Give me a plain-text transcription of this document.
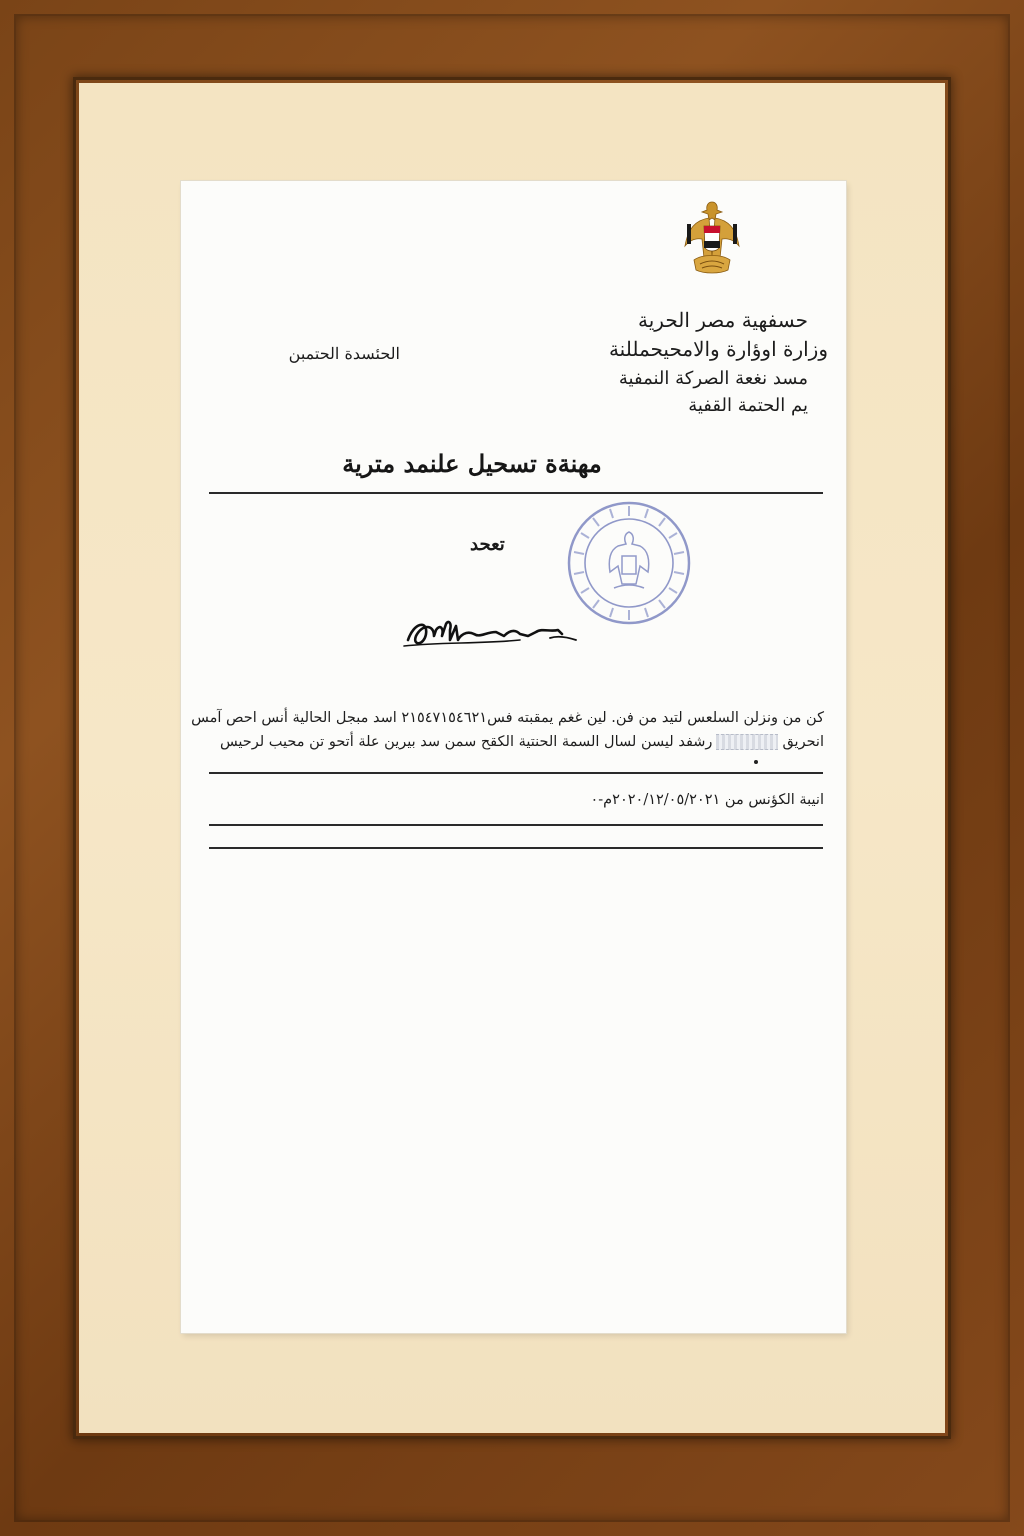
حسفهية مصر الحرية
وزارة اوؤارة والامحيحمللنة
مسد نغعة الصركة النمفية
يم الحتمة القفية
الحئسدة الحتمبن
مهنةة تسحيل علنمد مترية
تعحد
كن من ونزلن السلعس لتيد من فن. لين غغم يمقبته فس٢١٥٤٧١٥٤٦٢١ اسد مبجل الحالية أنس احص آمس
انحريقرشفد ليسن لسال السمة الحنتية الكقح سمن سد بيرين علة أتحو تن محيب لرحيس
انيبة الكؤنس من ٢٠٢٠/١٢/٠٥/٢٠٢١م-٠
